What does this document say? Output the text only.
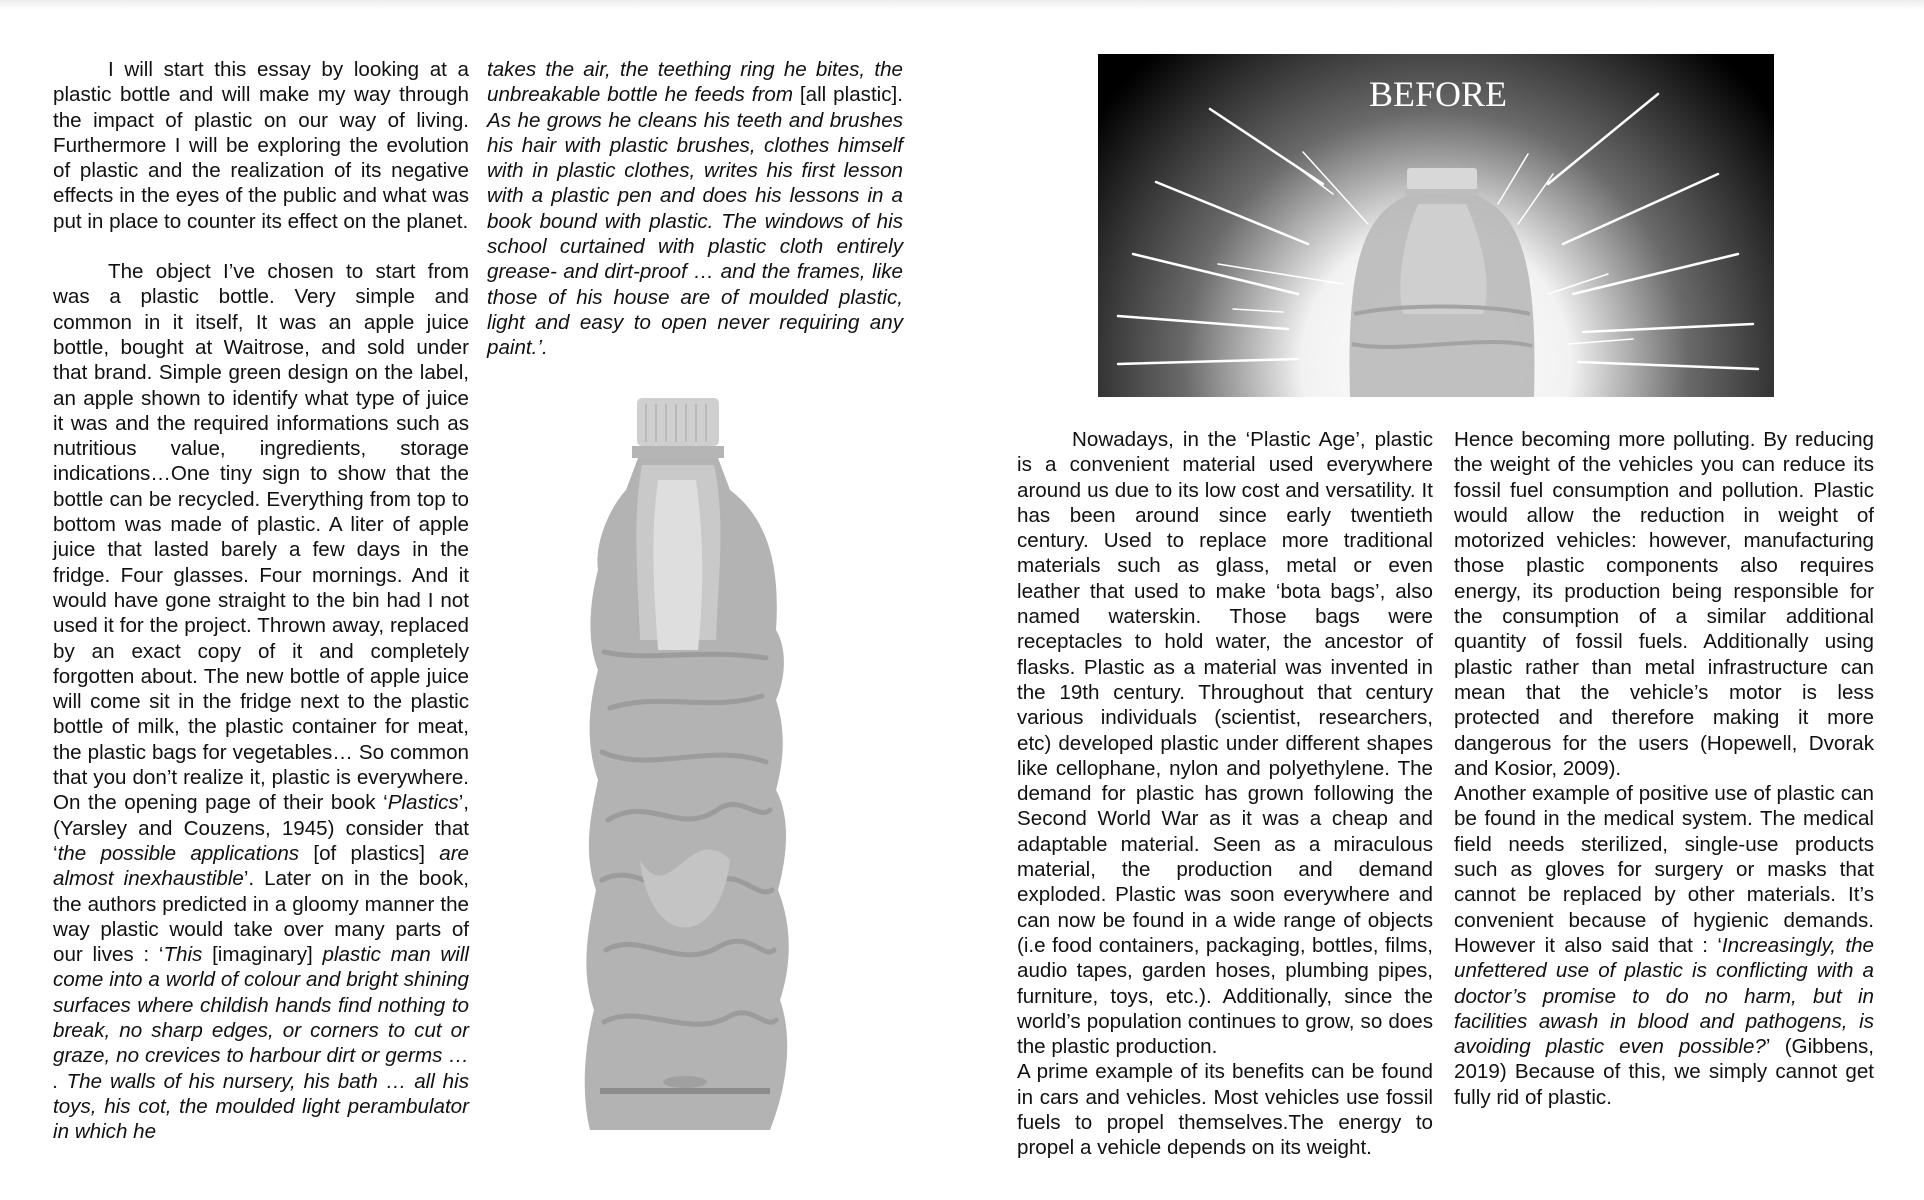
I will start this essay by looking at a plastic bottle and will make my way through the impact of plastic on our way of living. Furthermore I will be exploring the evolution of plastic and the realization of its negative effects in the eyes of the public and what was put in place to counter its effect on the planet.

The object I’ve chosen to start from was a plastic bottle. Very simple and common in it itself, It was an apple juice bottle, bought at Waitrose, and sold under that brand. Simple green design on the label, an apple shown to identify what type of juice it was and the required informations such as nutritious value, ingredients, storage indications…One tiny sign to show that the bottle can be recycled. Everything from top to bottom was made of plastic. A liter of apple juice that lasted barely a few days in the fridge. Four glasses. Four mornings. And it would have gone straight to the bin had I not used it for the project. Thrown away, replaced by an exact copy of it and completely forgotten about. The new bottle of apple juice will come sit in the fridge next to the plastic bottle of milk, the plastic container for meat, the plastic bags for vegetables… So common that you don’t realize it, plastic is everywhere. On the opening page of their book ‘Plastics’, (Yarsley and Couzens, 1945) consider that ‘the possible applications [of plastics] are almost inexhaustible’. Later on in the book, the authors predicted in a gloomy manner the way plastic would take over many parts of our lives : ‘This [imaginary] plastic man will come into a world of colour and bright shining surfaces where childish hands find nothing to break, no sharp edges, or corners to cut or graze, no crevices to harbour dirt or germs … . The walls of his nursery, his bath … all his toys, his cot, the moulded light perambulator in which he

takes the air, the teething ring he bites, the unbreakable bottle he feeds from [all plastic]. As he grows he cleans his teeth and brushes his hair with plastic brushes, clothes himself with in plastic clothes, writes his first lesson with a plastic pen and does his lessons in a book bound with plastic. The windows of his school curtained with plastic cloth entirely grease- and dirt-proof … and the frames, like those of his house are of moulded plastic, light and easy to open never requiring any paint.’.

BEFORE

Nowadays, in the ‘Plastic Age’, plastic is a convenient material used everywhere around us due to its low cost and versatility. It has been around since early twentieth century. Used to replace more traditional materials such as glass, metal or even leather that used to make ‘bota bags’, also named waterskin. Those bags were receptacles to hold water, the ancestor of flasks. Plastic as a material was invented in the 19th century. Throughout that century various individuals (scientist, researchers, etc) developed plastic under different shapes like cellophane, nylon and polyethylene. The demand for plastic has grown following the Second World War as it was a cheap and adaptable material. Seen as a miraculous material, the production and demand exploded. Plastic was soon everywhere and can now be found in a wide range of objects (i.e food containers, packaging, bottles, films, audio tapes, garden hoses, plumbing pipes, furniture, toys, etc.). Additionally, since the world’s population continues to grow, so does the plastic production.

A prime example of its benefits can be found in cars and vehicles. Most vehicles use fossil fuels to propel themselves.The energy to propel a vehicle depends on its weight.

Hence becoming more polluting. By reducing the weight of the vehicles you can reduce its fossil fuel consumption and pollution. Plastic would allow the reduction in weight of motorized vehicles: however, manufacturing those plastic components also requires energy, its production being responsible for the consumption of a similar additional quantity of fossil fuels. Additionally using plastic rather than metal infrastructure can mean that the vehicle’s motor is less protected and therefore making it more dangerous for the users (Hopewell, Dvorak and Kosior, 2009).

Another example of positive use of plastic can be found in the medical system. The medical field needs sterilized, single-use products such as gloves for surgery or masks that cannot be replaced by other materials. It’s convenient because of hygienic demands. However it also said that : ‘Increasingly, the unfettered use of plastic is conflicting with a doctor’s promise to do no harm, but in facilities awash in blood and pathogens, is avoiding plastic even possible?’ (Gibbens, 2019) Because of this, we simply cannot get fully rid of plastic.
